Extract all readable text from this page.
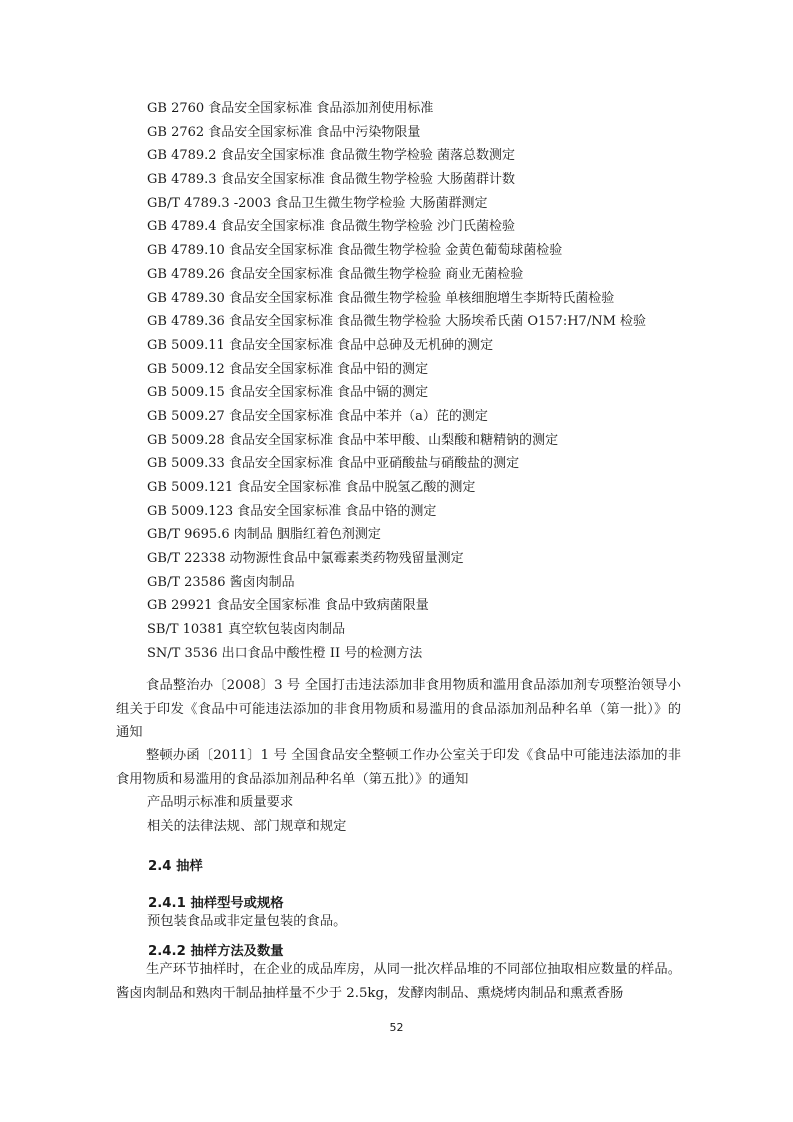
GB 2760 食品安全国家标准 食品添加剂使用标准
GB 2762 食品安全国家标准 食品中污染物限量
GB 4789.2 食品安全国家标准 食品微生物学检验 菌落总数测定
GB 4789.3 食品安全国家标准 食品微生物学检验 大肠菌群计数
GB/T 4789.3 -2003 食品卫生微生物学检验 大肠菌群测定
GB 4789.4 食品安全国家标准 食品微生物学检验 沙门氏菌检验
GB 4789.10 食品安全国家标准 食品微生物学检验 金黄色葡萄球菌检验
GB 4789.26 食品安全国家标准 食品微生物学检验 商业无菌检验
GB 4789.30 食品安全国家标准 食品微生物学检验 单核细胞增生李斯特氏菌检验
GB 4789.36 食品安全国家标准 食品微生物学检验 大肠埃希氏菌 O157:H7/NM 检验
GB 5009.11 食品安全国家标准 食品中总砷及无机砷的测定
GB 5009.12 食品安全国家标准 食品中铅的测定
GB 5009.15 食品安全国家标准 食品中镉的测定
GB 5009.27 食品安全国家标准 食品中苯并（a）芘的测定
GB 5009.28 食品安全国家标准 食品中苯甲酸、山梨酸和糖精钠的测定
GB 5009.33 食品安全国家标准 食品中亚硝酸盐与硝酸盐的测定
GB 5009.121 食品安全国家标准 食品中脱氢乙酸的测定
GB 5009.123 食品安全国家标准 食品中铬的测定
GB/T 9695.6 肉制品 胭脂红着色剂测定
GB/T 22338 动物源性食品中氯霉素类药物残留量测定
GB/T 23586 酱卤肉制品
GB 29921 食品安全国家标准 食品中致病菌限量
SB/T 10381 真空软包装卤肉制品
SN/T 3536 出口食品中酸性橙 II 号的检测方法

食品整治办〔2008〕3 号 全国打击违法添加非食用物质和滥用食品添加剂专项整治领导小组关于印发《食品中可能违法添加的非食用物质和易滥用的食品添加剂品种名单（第一批）》的通知

整顿办函〔2011〕1 号 全国食品安全整顿工作办公室关于印发《食品中可能违法添加的非食用物质和易滥用的食品添加剂品种名单（第五批）》的通知

产品明示标准和质量要求

相关的法律法规、部门规章和规定

2.4 抽样

2.4.1 抽样型号或规格

预包装食品或非定量包装的食品。

2.4.2 抽样方法及数量

生产环节抽样时，在企业的成品库房，从同一批次样品堆的不同部位抽取相应数量的样品。酱卤肉制品和熟肉干制品抽样量不少于 2.5kg，发酵肉制品、熏烧烤肉制品和熏煮香肠

52
